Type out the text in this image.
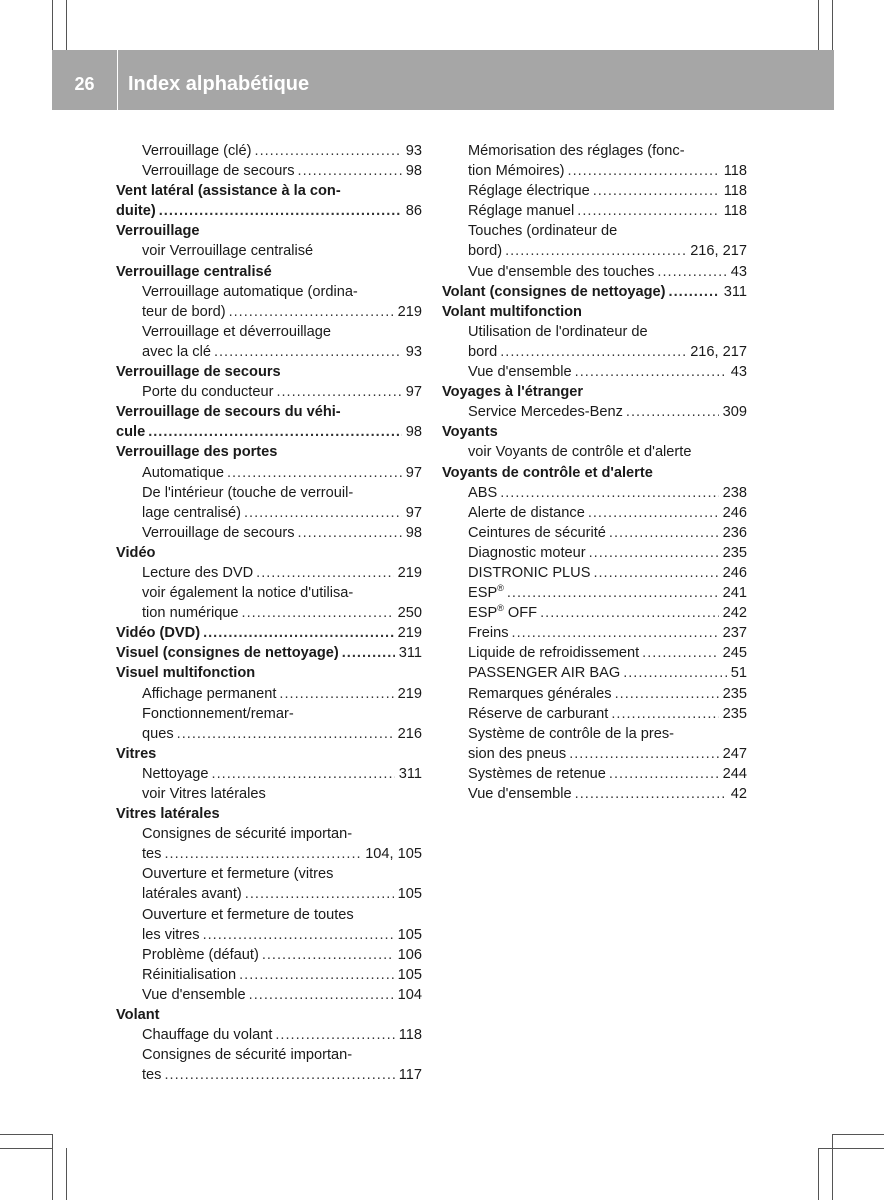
26	Index alphabétique
Verrouillage (clé) .....	93
Verrouillage de secours .....	98
Vent latéral (assistance à la con-
duite) .....	86
Verrouillage
voir Verrouillage centralisé
Verrouillage centralisé
Verrouillage automatique (ordina-
teur de bord) .....	219
Verrouillage et déverrouillage
avec la clé .....	93
Verrouillage de secours
Porte du conducteur .....	97
Verrouillage de secours du véhi-
cule .....	98
Verrouillage des portes
Automatique .....	97
De l'intérieur (touche de verrouil-
lage centralisé) .....	97
Verrouillage de secours .....	98
Vidéo
Lecture des DVD .....	219
voir également la notice d'utilisa-
tion numérique .....	250
Vidéo (DVD) .....	219
Visuel (consignes de nettoyage) .....	311
Visuel multifonction
Affichage permanent .....	219
Fonctionnement/remar-
ques .....	216
Vitres
Nettoyage .....	311
voir Vitres latérales
Vitres latérales
Consignes de sécurité importan-
tes .....	104, 105
Ouverture et fermeture (vitres
latérales avant) .....	105
Ouverture et fermeture de toutes
les vitres .....	105
Problème (défaut) .....	106
Réinitialisation .....	105
Vue d'ensemble .....	104
Volant
Chauffage du volant .....	118
Consignes de sécurité importan-
tes .....	117
Mémorisation des réglages (fonc-
tion Mémoires) .....	118
Réglage électrique .....	118
Réglage manuel .....	118
Touches (ordinateur de
bord) .....	216, 217
Vue d'ensemble des touches .....	43
Volant (consignes de nettoyage) .....	311
Volant multifonction
Utilisation de l'ordinateur de
bord .....	216, 217
Vue d'ensemble .....	43
Voyages à l'étranger
Service Mercedes-Benz .....	309
Voyants
voir Voyants de contrôle et d'alerte
Voyants de contrôle et d'alerte
ABS .....	238
Alerte de distance .....	246
Ceintures de sécurité .....	236
Diagnostic moteur .....	235
DISTRONIC PLUS .....	246
ESP® .....	241
ESP® OFF .....	242
Freins .....	237
Liquide de refroidissement .....	245
PASSENGER AIR BAG .....	51
Remarques générales .....	235
Réserve de carburant .....	235
Système de contrôle de la pres-
sion des pneus .....	247
Systèmes de retenue .....	244
Vue d'ensemble .....	42
